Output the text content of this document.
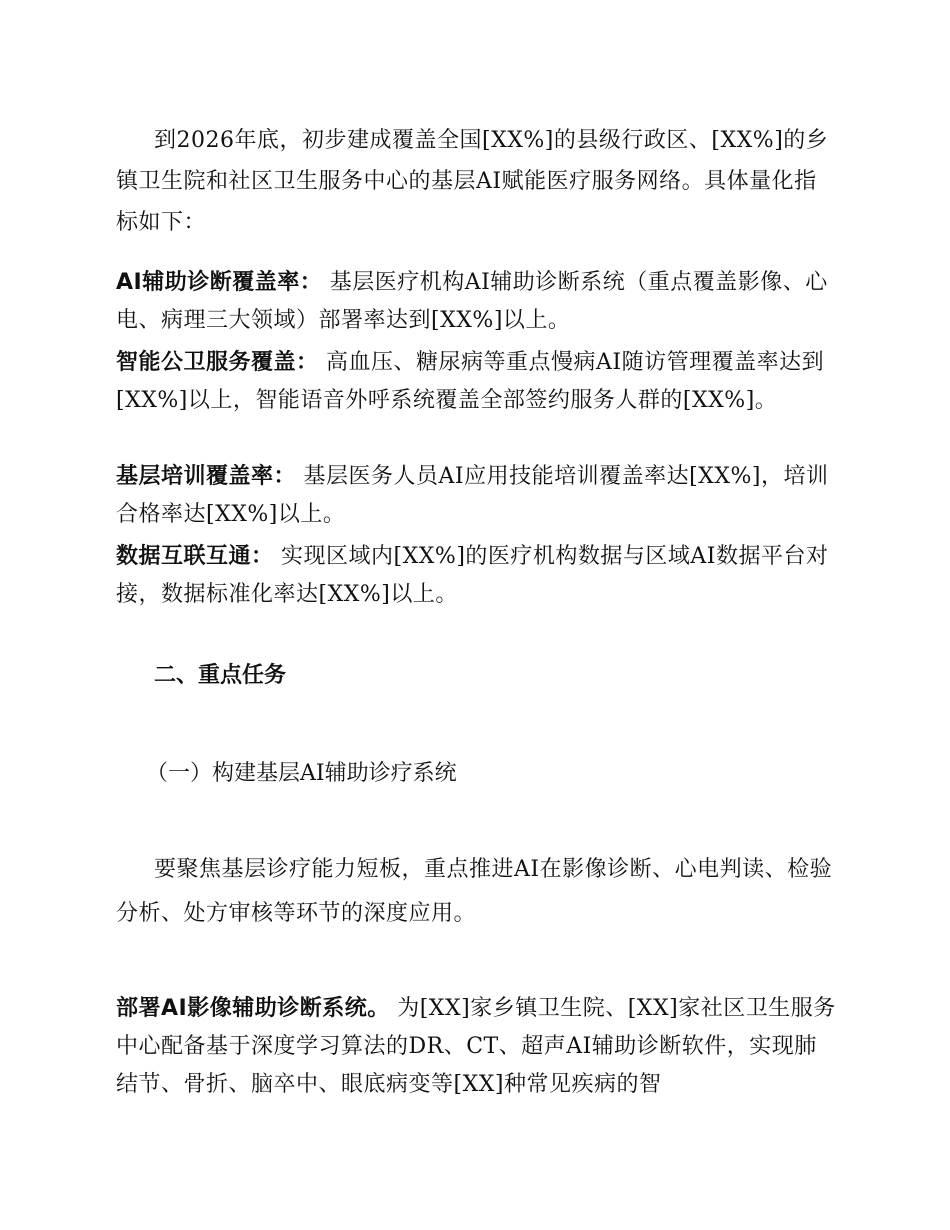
到2026年底，初步建成覆盖全国[XX%]的县级行政区、[XX%]的乡镇卫生院和社区卫生服务中心的基层AI赋能医疗服务网络。具体量化指标如下：

AI辅助诊断覆盖率： 基层医疗机构AI辅助诊断系统（重点覆盖影像、心电、病理三大领域）部署率达到[XX%]以上。

智能公卫服务覆盖： 高血压、糖尿病等重点慢病AI随访管理覆盖率达到[XX%]以上，智能语音外呼系统覆盖全部签约服务人群的[XX%]。

基层培训覆盖率： 基层医务人员AI应用技能培训覆盖率达[XX%]，培训合格率达[XX%]以上。

数据互联互通： 实现区域内[XX%]的医疗机构数据与区域AI数据平台对接，数据标准化率达[XX%]以上。

二、重点任务
（一）构建基层AI辅助诊疗系统

要聚焦基层诊疗能力短板，重点推进AI在影像诊断、心电判读、检验分析、处方审核等环节的深度应用。

部署AI影像辅助诊断系统。 为[XX]家乡镇卫生院、[XX]家社区卫生服务中心配备基于深度学习算法的DR、CT、超声AI辅助诊断软件，实现肺结节、骨折、脑卒中、眼底病变等[XX]种常见疾病的智
